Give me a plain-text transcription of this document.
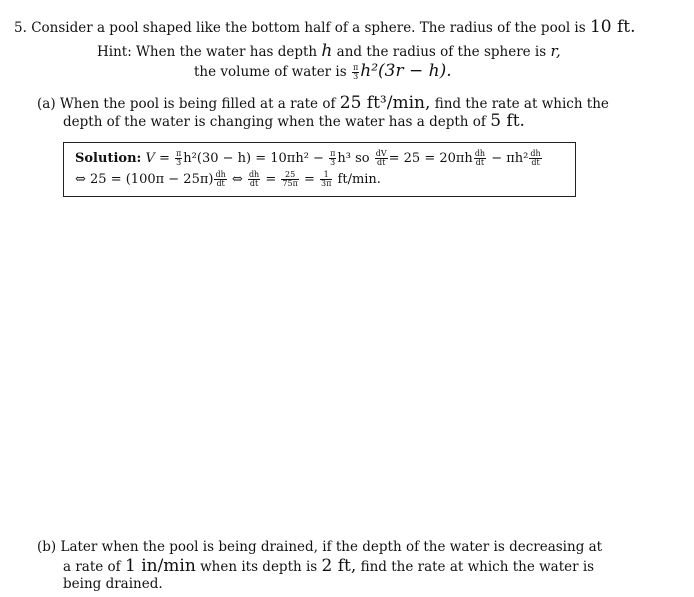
5. Consider a pool shaped like the bottom half of a sphere. The radius of the pool is 10 ft.
Hint: When the water has depth h and the radius of the sphere is r,
the volume of water is $\frac{\pi}{3} h^2(3r - h)$.
(a) When the pool is being filled at a rate of 25 ft³/min, find the rate at which the
depth of the water is changing when the water has a depth of 5 ft.
Solution: $V = \frac{\pi}{3} h^2(30 - h) = 10\pi h^2 - \frac{\pi}{3} h^3$ so $\frac{dV}{dt} = 25 = 20\pi h \frac{dh}{dt} - \pi h^2 \frac{dh}{dt}$
⇔ $25 = (100\pi - 25\pi) \frac{dh}{dt}$ ⇔ $\frac{dh}{dt} = \frac{25}{75\pi} = \frac{1}{3\pi} ft/\min$.
(b) Later when the pool is being drained, if the depth of the water is decreasing at
a rate of 1 in/min when its depth is 2 ft, find the rate at which the water is
being drained.
